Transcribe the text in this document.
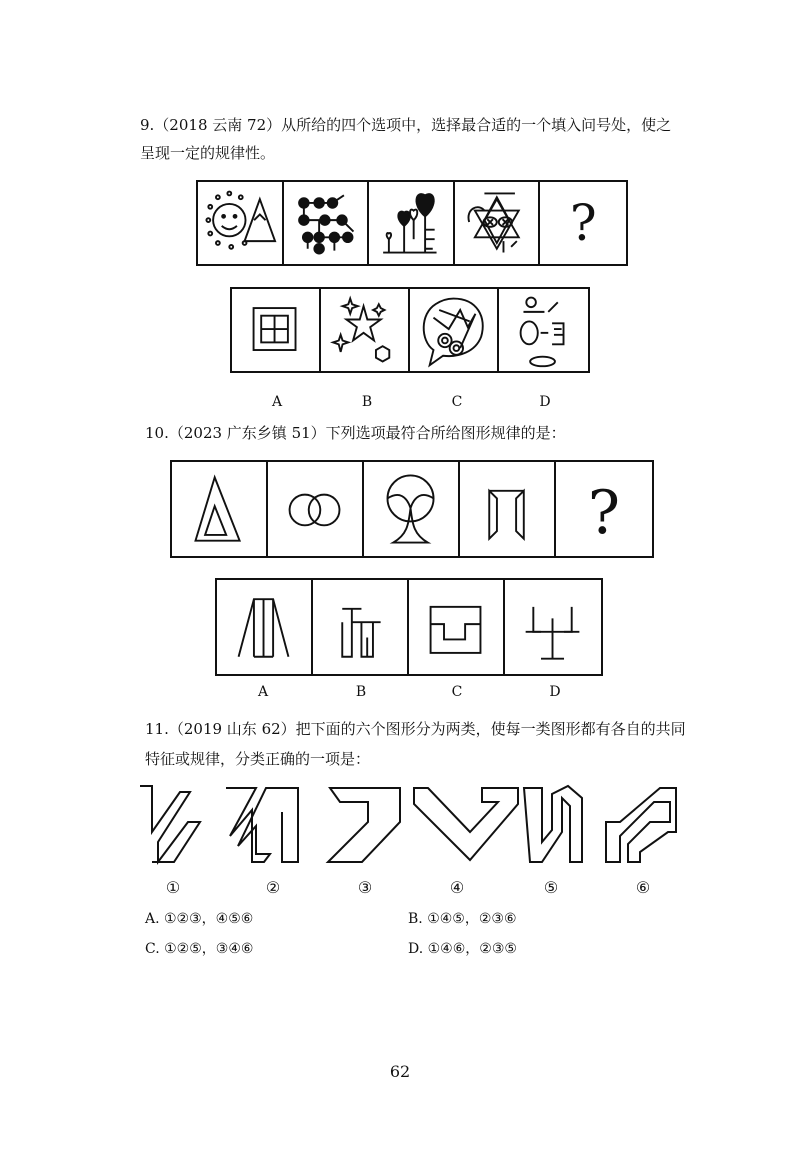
9.（2018 云南 72）从所给的四个选项中，选择最合适的一个填入问号处，使之
呈现一定的规律性。
?
A	B	C	D
10.（2023 广东乡镇 51）下列选项最符合所给图形规律的是：
?
A	B	C	D
11.（2019 山东 62）把下面的六个图形分为两类，使每一类图形都有各自的共同
特征或规律，分类正确的一项是：
①	②	③	④	⑤	⑥
A. ①②③，④⑤⑥	B. ①④⑤，②③⑥
C. ①②⑤，③④⑥	D. ①④⑥，②③⑤
62
